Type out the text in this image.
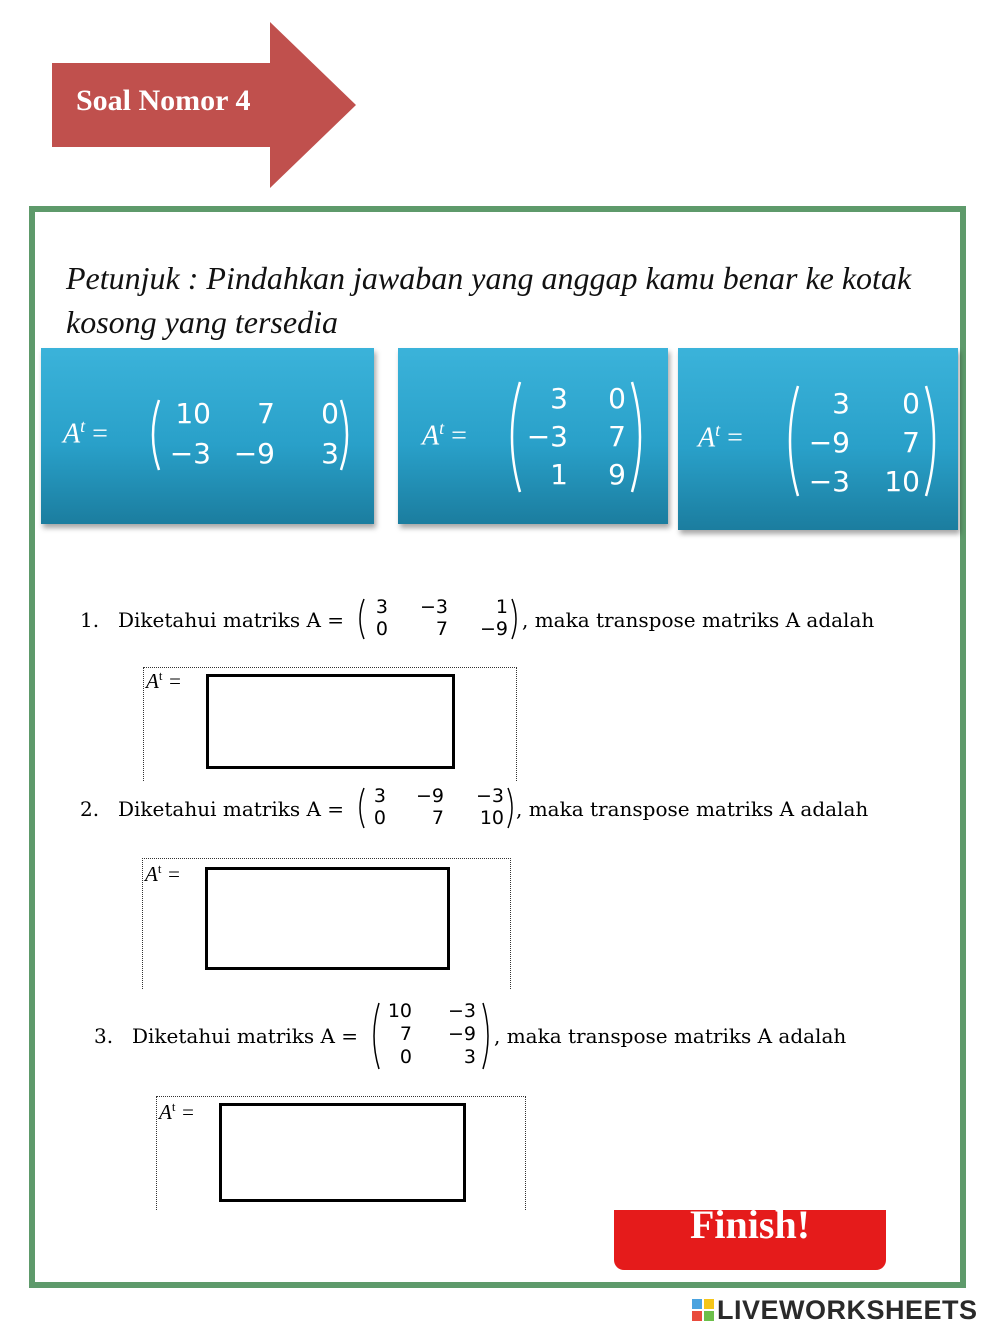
Soal Nomor 4
Petunjuk : Pindahkan jawaban yang anggap kamu benar ke kotak kosong yang tersedia
$A^t$ =
10	7	0
−3 −9	3
$A^t$ =
3	0
−3	7
1	9
$A^t$ =
3	0
−9	7
−3	10
1. Diketahui matriks A =
3	−3	1
0	7	−9 , maka transpose matriks A adalah
$A^t$ =
2. Diketahui matriks A =
3	−9	−3
0	7	10 , maka transpose matriks A adalah
$A^t$ =
3. Diketahui matriks A =
10	−3
7	−9
0	3
, maka transpose matriks A adalah
$A^t$ =
Finish!
LIVEWORKSHEETS
